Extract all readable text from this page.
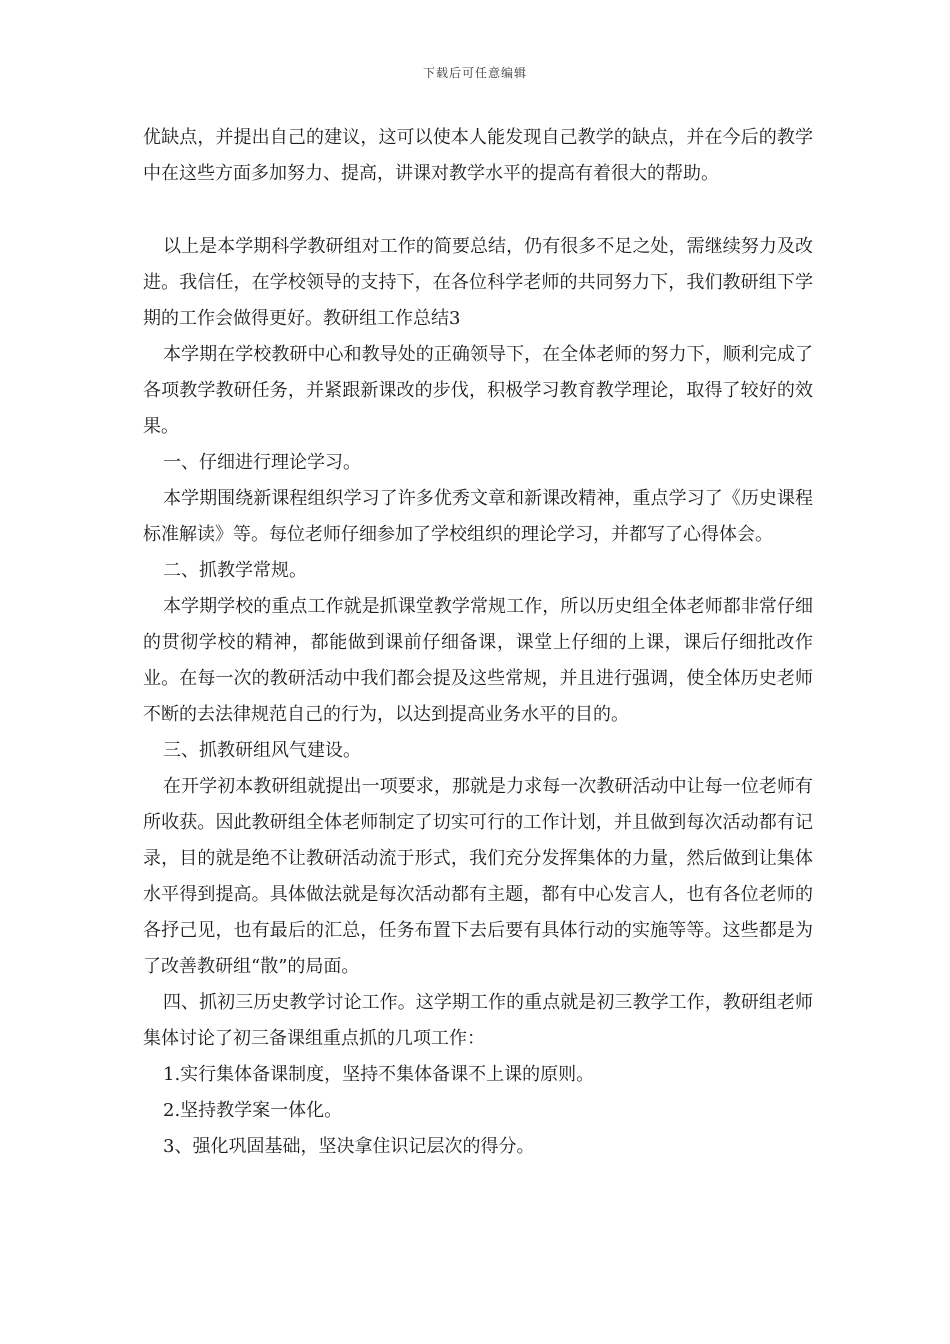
下载后可任意编辑

优缺点，并提出自己的建议，这可以使本人能发现自己教学的缺点，并在今后的教学中在这些方面多加努力、提高，讲课对教学水平的提高有着很大的帮助。

以上是本学期科学教研组对工作的简要总结，仍有很多不足之处，需继续努力及改进。我信任，在学校领导的支持下，在各位科学老师的共同努力下，我们教研组下学期的工作会做得更好。教研组工作总结3

本学期在学校教研中心和教导处的正确领导下，在全体老师的努力下，顺利完成了各项教学教研任务，并紧跟新课改的步伐，积极学习教育教学理论，取得了较好的效果。

一、仔细进行理论学习。

本学期围绕新课程组织学习了许多优秀文章和新课改精神，重点学习了《历史课程标准解读》等。每位老师仔细参加了学校组织的理论学习，并都写了心得体会。

二、抓教学常规。

本学期学校的重点工作就是抓课堂教学常规工作，所以历史组全体老师都非常仔细的贯彻学校的精神，都能做到课前仔细备课，课堂上仔细的上课，课后仔细批改作业。在每一次的教研活动中我们都会提及这些常规，并且进行强调，使全体历史老师不断的去法律规范自己的行为，以达到提高业务水平的目的。

三、抓教研组风气建设。

在开学初本教研组就提出一项要求，那就是力求每一次教研活动中让每一位老师有所收获。因此教研组全体老师制定了切实可行的工作计划，并且做到每次活动都有记录，目的就是绝不让教研活动流于形式，我们充分发挥集体的力量，然后做到让集体水平得到提高。具体做法就是每次活动都有主题，都有中心发言人，也有各位老师的各抒己见，也有最后的汇总，任务布置下去后要有具体行动的实施等等。这些都是为了改善教研组“散”的局面。

四、抓初三历史教学讨论工作。这学期工作的重点就是初三教学工作，教研组老师集体讨论了初三备课组重点抓的几项工作：

1.实行集体备课制度，坚持不集体备课不上课的原则。

2.坚持教学案一体化。

3、强化巩固基础，坚决拿住识记层次的得分。
